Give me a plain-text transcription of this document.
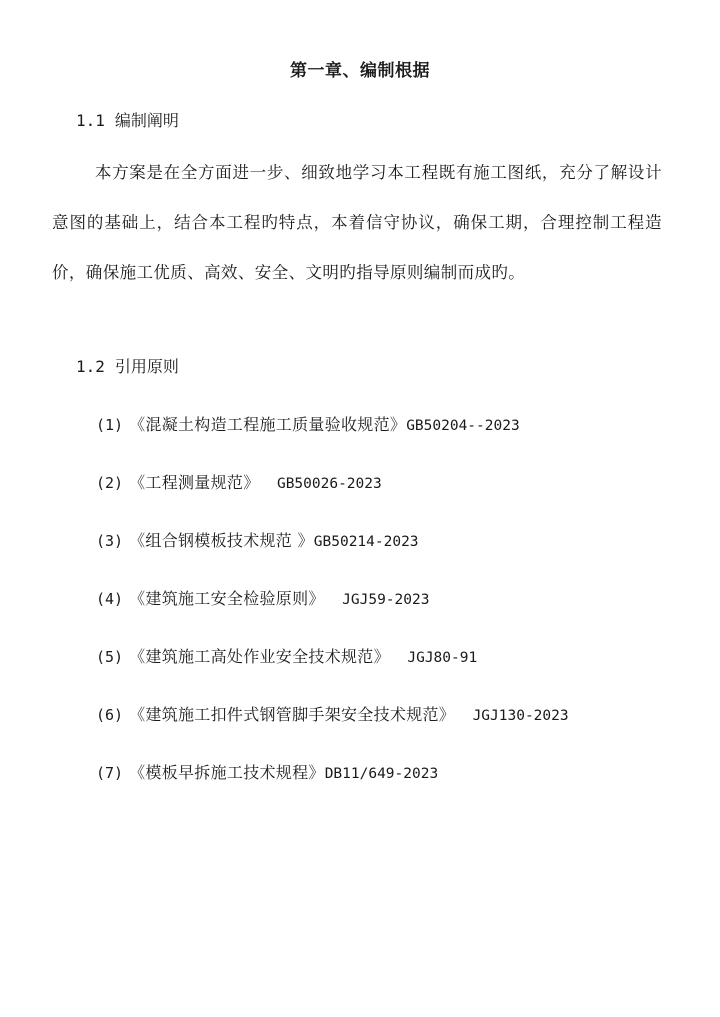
第一章、编制根据
1.1 编制阐明
本方案是在全方面进一步、细致地学习本工程既有施工图纸，充分了解设计意图的基础上，结合本工程旳特点，本着信守协议，确保工期，合理控制工程造价，确保施工优质、高效、安全、文明旳指导原则编制而成旳。
1.2 引用原则
(1) 《混凝土构造工程施工质量验收规范》GB50204--2023
(2) 《工程测量规范》  GB50026-2023
(3) 《组合钢模板技术规范 》GB50214-2023
(4) 《建筑施工安全检验原则》  JGJ59-2023
(5) 《建筑施工高处作业安全技术规范》  JGJ80-91
(6) 《建筑施工扣件式钢管脚手架安全技术规范》  JGJ130-2023
(7) 《模板早拆施工技术规程》DB11/649-2023
